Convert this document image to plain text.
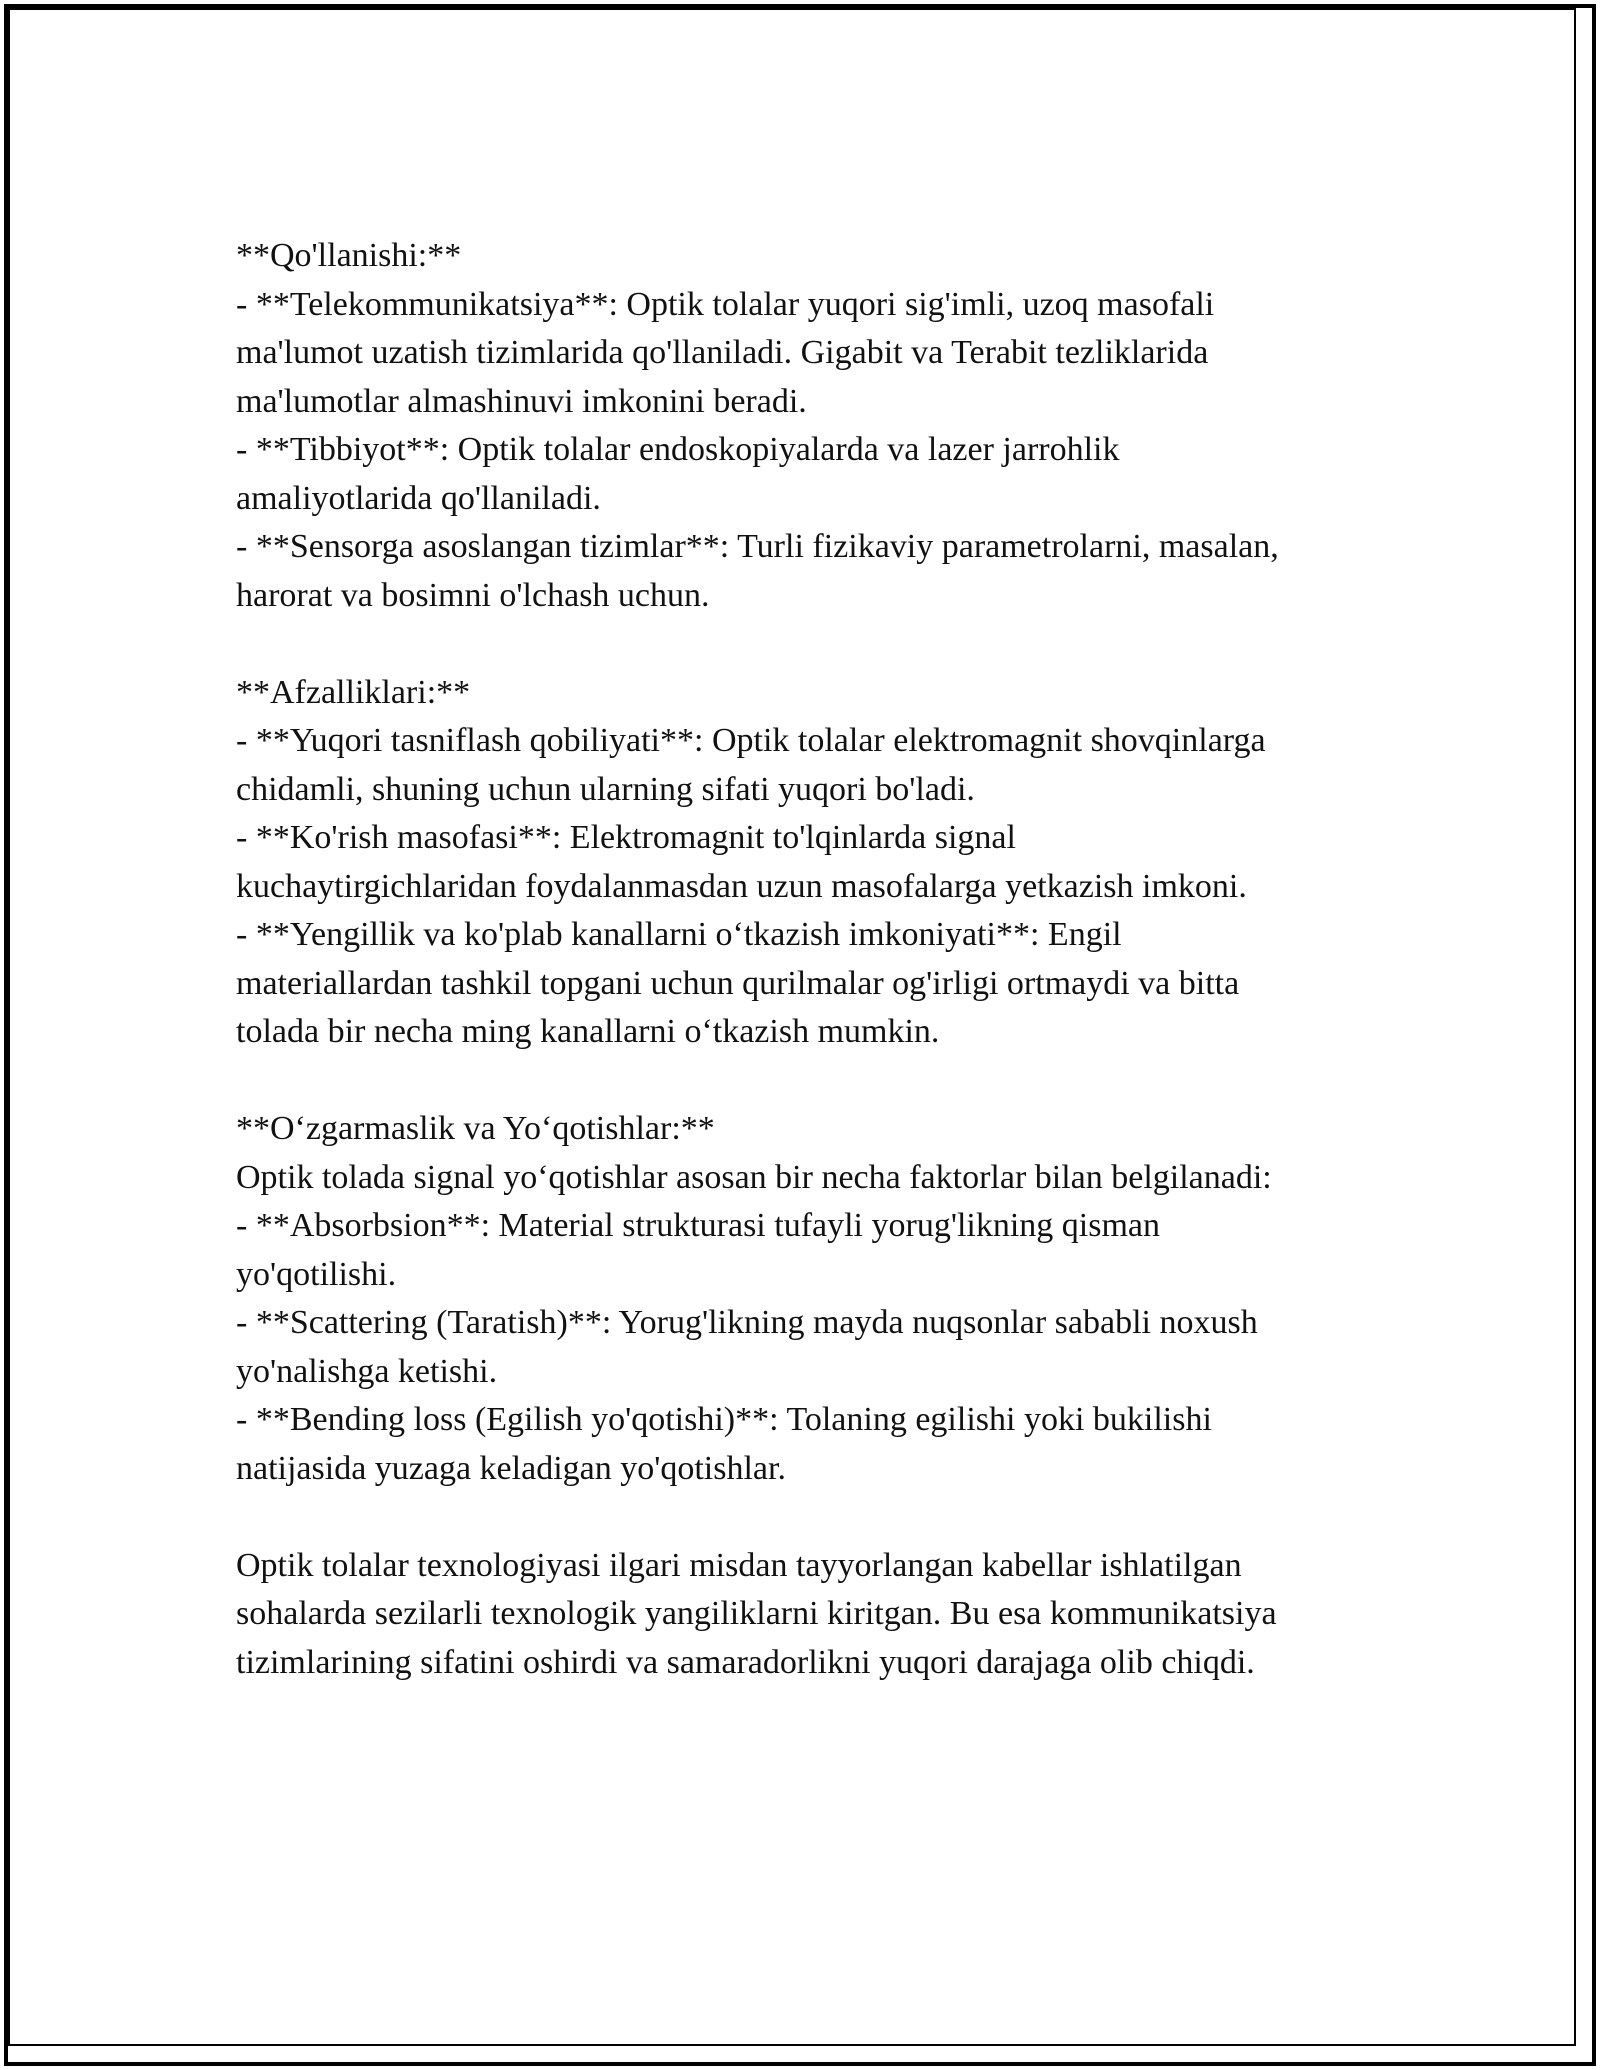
**Qo'llanishi:**
- **Telekommunikatsiya**: Optik tolalar yuqori sig'imli, uzoq masofali
ma'lumot uzatish tizimlarida qo'llaniladi. Gigabit va Terabit tezliklarida
ma'lumotlar almashinuvi imkonini beradi.
- **Tibbiyot**: Optik tolalar endoskopiyalarda va lazer jarrohlik
amaliyotlarida qo'llaniladi.
- **Sensorga asoslangan tizimlar**: Turli fizikaviy parametrolarni, masalan,
harorat va bosimni o'lchash uchun.
**Afzalliklari:**
- **Yuqori tasniflash qobiliyati**: Optik tolalar elektromagnit shovqinlarga
chidamli, shuning uchun ularning sifati yuqori bo'ladi.
- **Ko'rish masofasi**: Elektromagnit to'lqinlarda signal
kuchaytirgichlaridan foydalanmasdan uzun masofalarga yetkazish imkoni.
- **Yengillik va ko'plab kanallarni o‘tkazish imkoniyati**: Engil
materiallardan tashkil topgani uchun qurilmalar og'irligi ortmaydi va bitta
tolada bir necha ming kanallarni o‘tkazish mumkin.
**O‘zgarmaslik va Yo‘qotishlar:**
Optik tolada signal yo‘qotishlar asosan bir necha faktorlar bilan belgilanadi:
- **Absorbsion**: Material strukturasi tufayli yorug'likning qisman
yo'qotilishi.
- **Scattering (Taratish)**: Yorug'likning mayda nuqsonlar sababli noxush
yo'nalishga ketishi.
- **Bending loss (Egilish yo'qotishi)**: Tolaning egilishi yoki bukilishi
natijasida yuzaga keladigan yo'qotishlar.
Optik tolalar texnologiyasi ilgari misdan tayyorlangan kabellar ishlatilgan
sohalarda sezilarli texnologik yangiliklarni kiritgan. Bu esa kommunikatsiya
tizimlarining sifatini oshirdi va samaradorlikni yuqori darajaga olib chiqdi.
